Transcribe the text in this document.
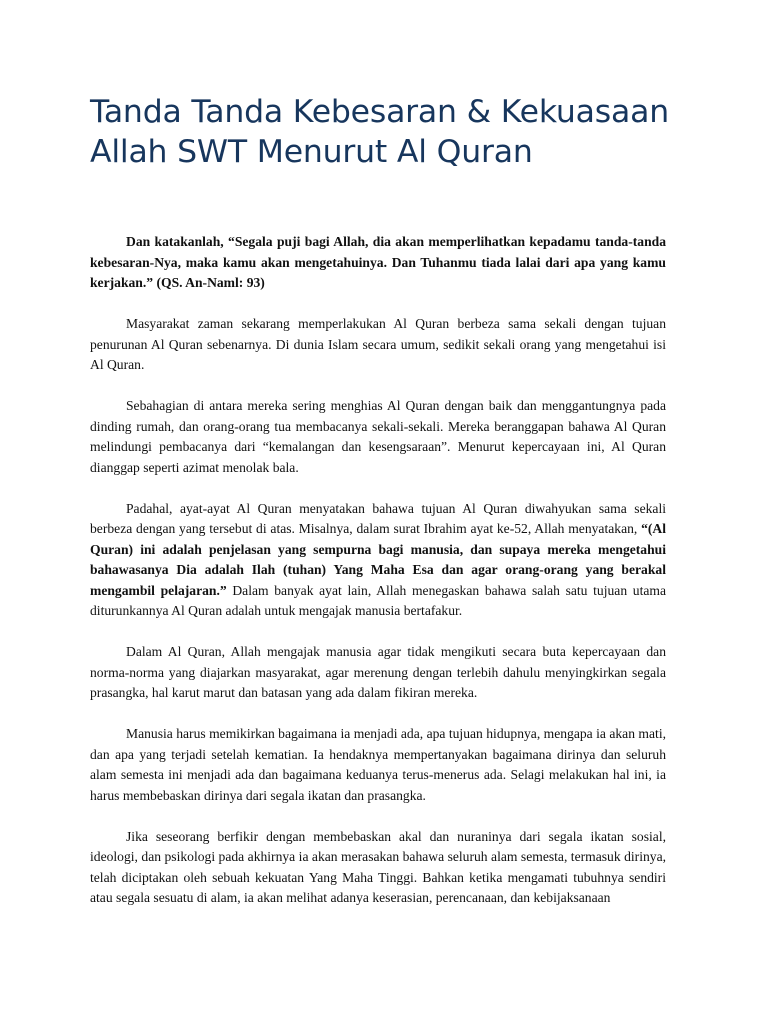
Tanda Tanda Kebesaran & Kekuasaan Allah SWT Menurut Al Quran

Dan katakanlah, “Segala puji bagi Allah, dia akan memperlihatkan kepadamu tanda-tanda kebesaran-Nya, maka kamu akan mengetahuinya. Dan Tuhanmu tiada lalai dari apa yang kamu kerjakan.” (QS. An-Naml: 93)

Masyarakat zaman sekarang memperlakukan Al Quran berbeza sama sekali dengan tujuan penurunan Al Quran sebenarnya. Di dunia Islam secara umum, sedikit sekali orang yang mengetahui isi Al Quran.

Sebahagian di antara mereka sering menghias Al Quran dengan baik dan menggantungnya pada dinding rumah, dan orang-orang tua membacanya sekali-sekali. Mereka beranggapan bahawa Al Quran melindungi pembacanya dari “kemalangan dan kesengsaraan”. Menurut kepercayaan ini, Al Quran dianggap seperti azimat menolak bala.

Padahal, ayat-ayat Al Quran menyatakan bahawa tujuan Al Quran diwahyukan sama sekali berbeza dengan yang tersebut di atas. Misalnya, dalam surat Ibrahim ayat ke-52, Allah menyatakan, “(Al Quran) ini adalah penjelasan yang sempurna bagi manusia, dan supaya mereka mengetahui bahawasanya Dia adalah Ilah (tuhan) Yang Maha Esa dan agar orang-orang yang berakal mengambil pelajaran.” Dalam banyak ayat lain, Allah menegaskan bahawa salah satu tujuan utama diturunkannya Al Quran adalah untuk mengajak manusia bertafakur.

Dalam Al Quran, Allah mengajak manusia agar tidak mengikuti secara buta kepercayaan dan norma-norma yang diajarkan masyarakat, agar merenung dengan terlebih dahulu menyingkirkan segala prasangka, hal karut marut dan batasan yang ada dalam fikiran mereka.

Manusia harus memikirkan bagaimana ia menjadi ada, apa tujuan hidupnya, mengapa ia akan mati, dan apa yang terjadi setelah kematian. Ia hendaknya mempertanyakan bagaimana dirinya dan seluruh alam semesta ini menjadi ada dan bagaimana keduanya terus-menerus ada. Selagi melakukan hal ini, ia harus membebaskan dirinya dari segala ikatan dan prasangka.

Jika seseorang berfikir dengan membebaskan akal dan nuraninya dari segala ikatan sosial, ideologi, dan psikologi pada akhirnya ia akan merasakan bahawa seluruh alam semesta, termasuk dirinya, telah diciptakan oleh sebuah kekuatan Yang Maha Tinggi. Bahkan ketika mengamati tubuhnya sendiri atau segala sesuatu di alam, ia akan melihat adanya keserasian, perencanaan, dan kebijaksanaan
